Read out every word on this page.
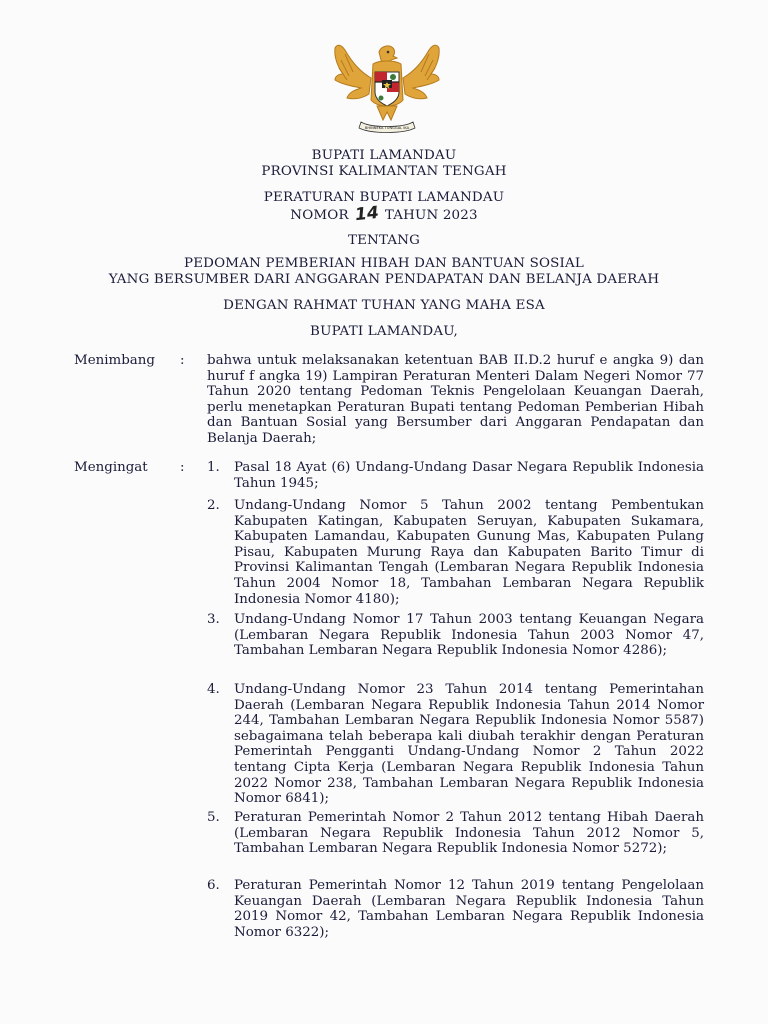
BHINNEKA TUNGGAL IKA
BUPATI LAMANDAU
PROVINSI KALIMANTAN TENGAH
PERATURAN BUPATI LAMANDAU
NOMOR 14 TAHUN 2023
TENTANG
PEDOMAN PEMBERIAN HIBAH DAN BANTUAN SOSIAL
YANG BERSUMBER DARI ANGGARAN PENDAPATAN DAN BELANJA DAERAH
DENGAN RAHMAT TUHAN YANG MAHA ESA
BUPATI LAMANDAU,
Menimbang : bahwa untuk melaksanakan ketentuan BAB II.D.2 huruf e angka 9) dan huruf f angka 19) Lampiran Peraturan Menteri Dalam Negeri Nomor 77 Tahun 2020 tentang Pedoman Teknis Pengelolaan Keuangan Daerah, perlu menetapkan Peraturan Bupati tentang Pedoman Pemberian Hibah dan Bantuan Sosial yang Bersumber dari Anggaran Pendapatan dan Belanja Daerah;
Mengingat : 1. Pasal 18 Ayat (6) Undang-Undang Dasar Negara Republik Indonesia Tahun 1945;
2. Undang-Undang Nomor 5 Tahun 2002 tentang Pembentukan Kabupaten Katingan, Kabupaten Seruyan, Kabupaten Sukamara, Kabupaten Lamandau, Kabupaten Gunung Mas, Kabupaten Pulang Pisau, Kabupaten Murung Raya dan Kabupaten Barito Timur di Provinsi Kalimantan Tengah (Lembaran Negara Republik Indonesia Tahun 2004 Nomor 18, Tambahan Lembaran Negara Republik Indonesia Nomor 4180);
3. Undang-Undang Nomor 17 Tahun 2003 tentang Keuangan Negara (Lembaran Negara Republik Indonesia Tahun 2003 Nomor 47, Tambahan Lembaran Negara Republik Indonesia Nomor 4286);
4. Undang-Undang Nomor 23 Tahun 2014 tentang Pemerintahan Daerah (Lembaran Negara Republik Indonesia Tahun 2014 Nomor 244, Tambahan Lembaran Negara Republik Indonesia Nomor 5587) sebagaimana telah beberapa kali diubah terakhir dengan Peraturan Pemerintah Pengganti Undang-Undang Nomor 2 Tahun 2022 tentang Cipta Kerja (Lembaran Negara Republik Indonesia Tahun 2022 Nomor 238, Tambahan Lembaran Negara Republik Indonesia Nomor 6841);
5. Peraturan Pemerintah Nomor 2 Tahun 2012 tentang Hibah Daerah (Lembaran Negara Republik Indonesia Tahun 2012 Nomor 5, Tambahan Lembaran Negara Republik Indonesia Nomor 5272);
6. Peraturan Pemerintah Nomor 12 Tahun 2019 tentang Pengelolaan Keuangan Daerah (Lembaran Negara Republik Indonesia Tahun 2019 Nomor 42, Tambahan Lembaran Negara Republik Indonesia Nomor 6322);
